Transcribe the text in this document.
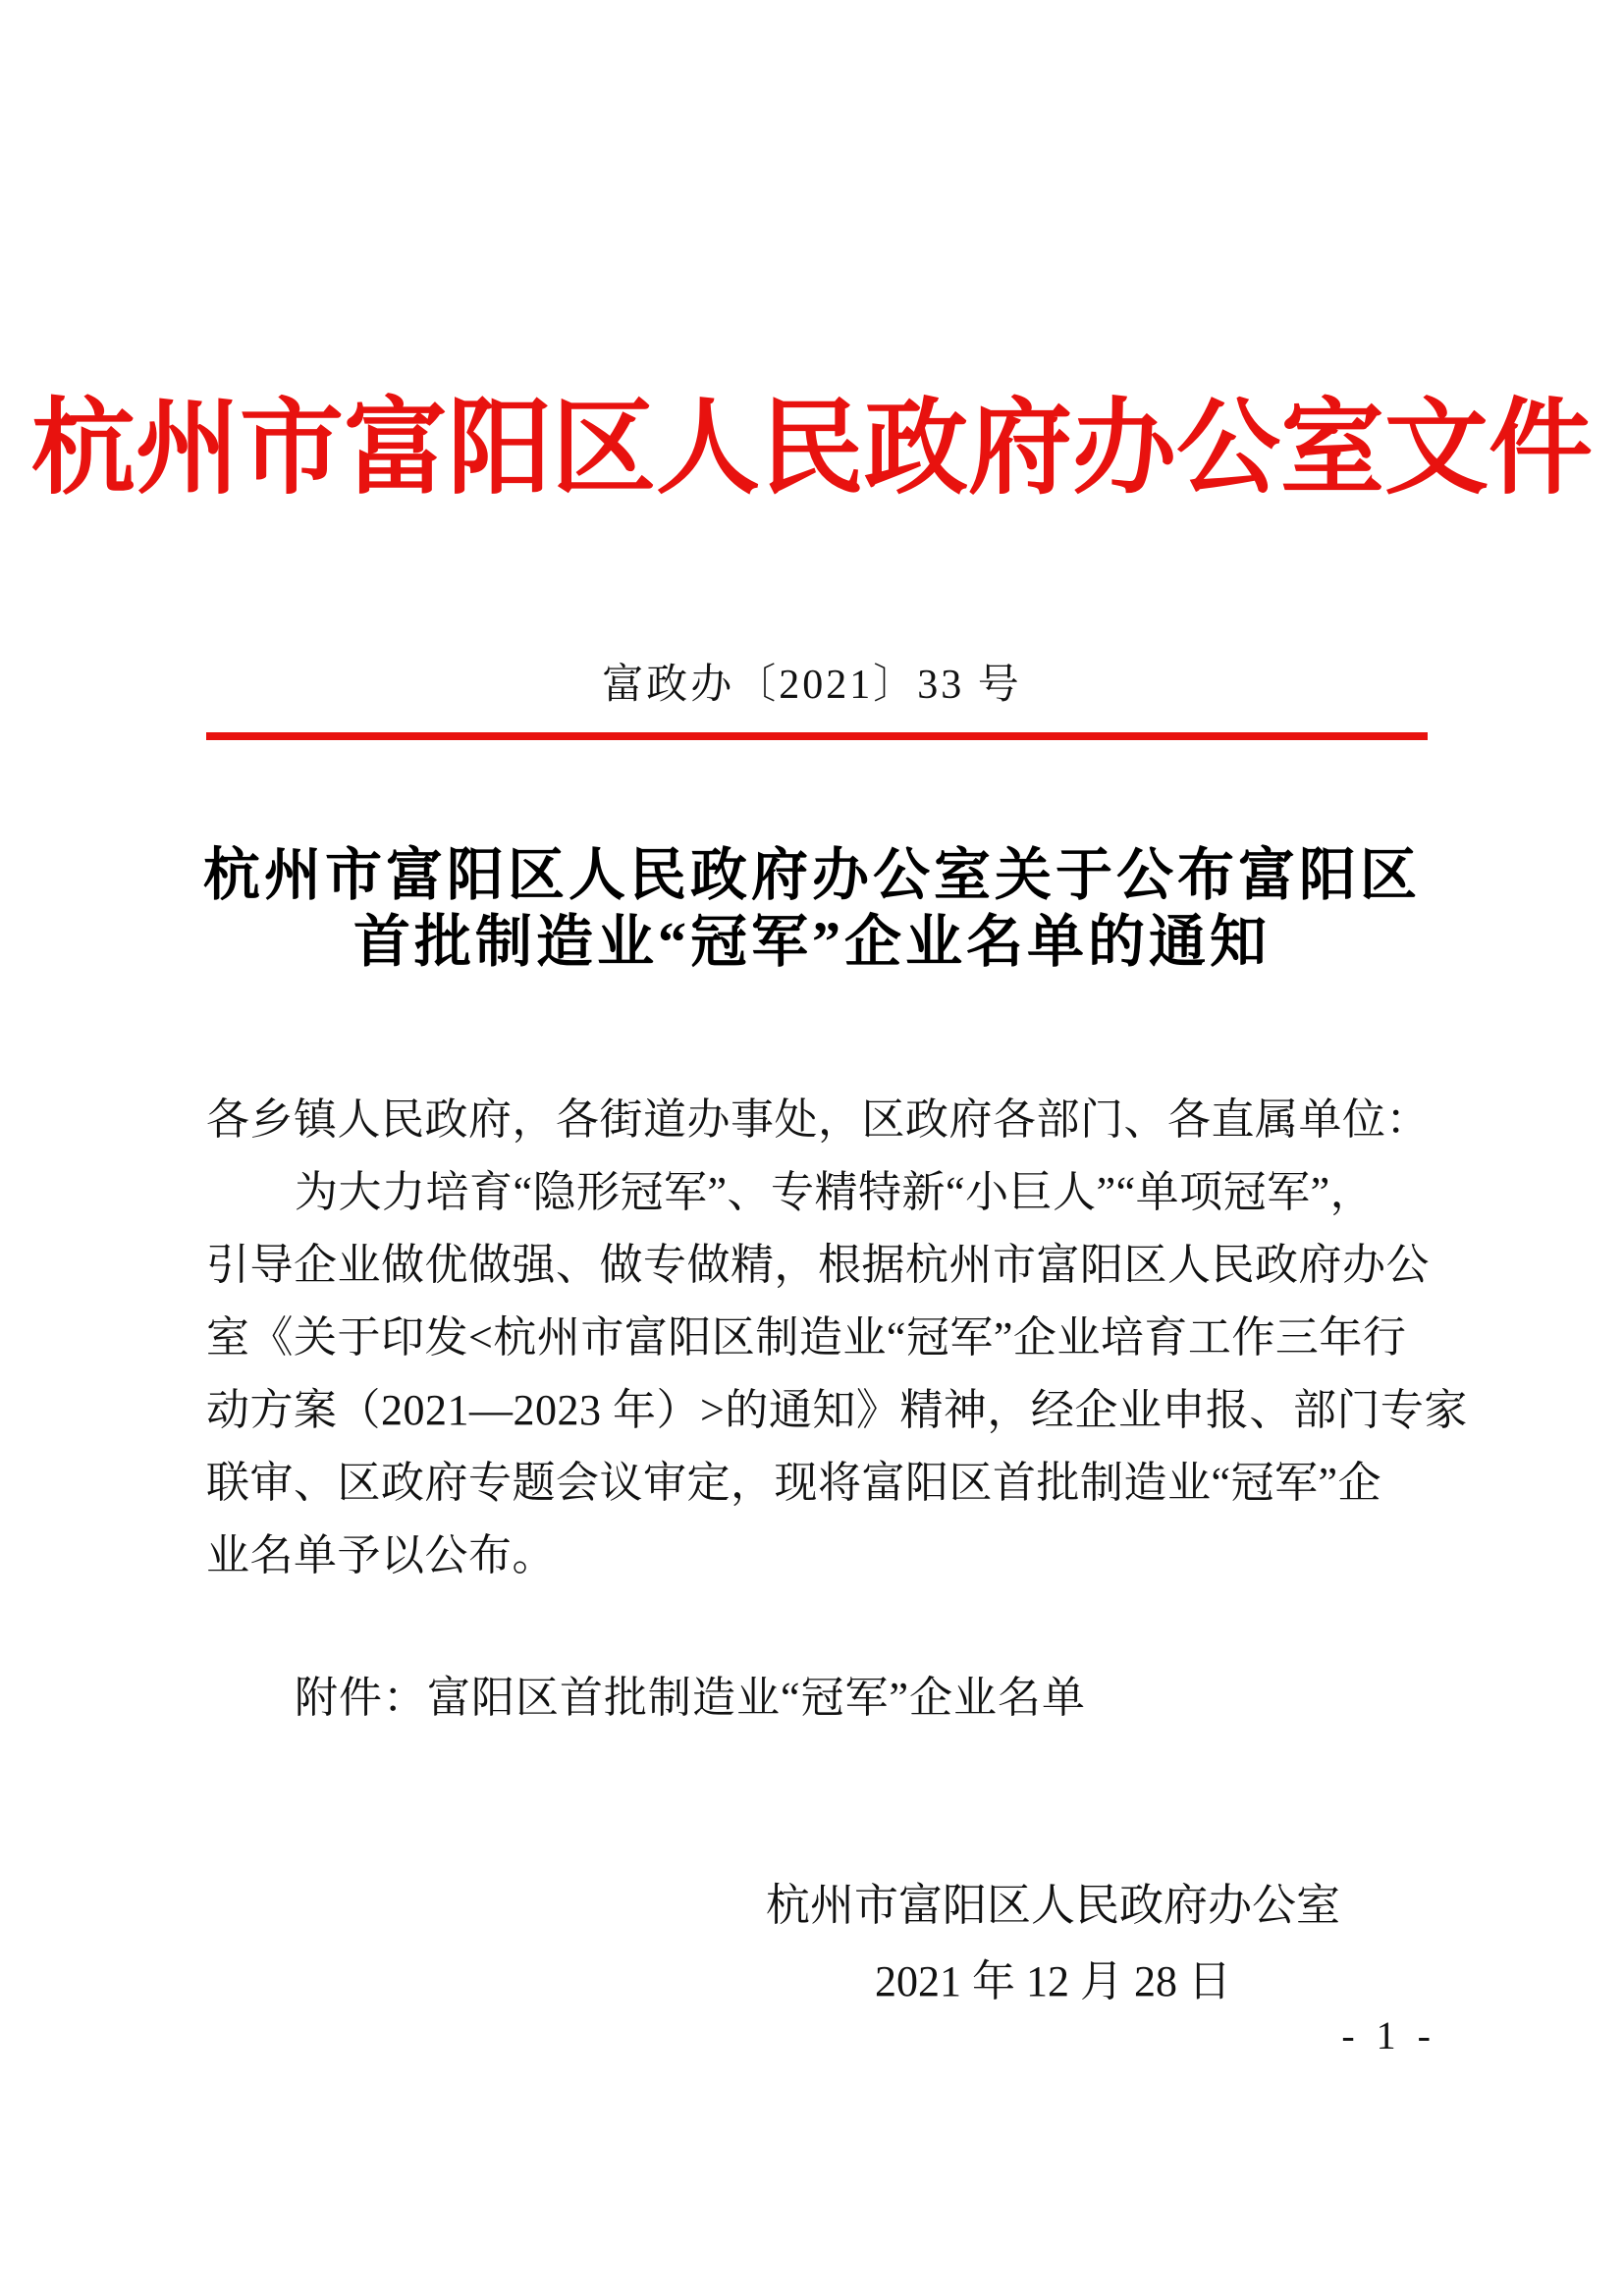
杭州市富阳区人民政府办公室文件
富政办〔2021〕33 号
杭州市富阳区人民政府办公室关于公布富阳区
首批制造业“冠军”企业名单的通知
各乡镇人民政府，各街道办事处，区政府各部门、各直属单位：
为大力培育“隐形冠军”、专精特新“小巨人”“单项冠军”，
引导企业做优做强、做专做精，根据杭州市富阳区人民政府办公
室《关于印发<杭州市富阳区制造业“冠军”企业培育工作三年行
动方案（2021—2023 年）>的通知》精神，经企业申报、部门专家
联审、区政府专题会议审定，现将富阳区首批制造业“冠军”企
业名单予以公布。
附件：富阳区首批制造业“冠军”企业名单
杭州市富阳区人民政府办公室
2021 年 12 月 28 日
- 1 -
